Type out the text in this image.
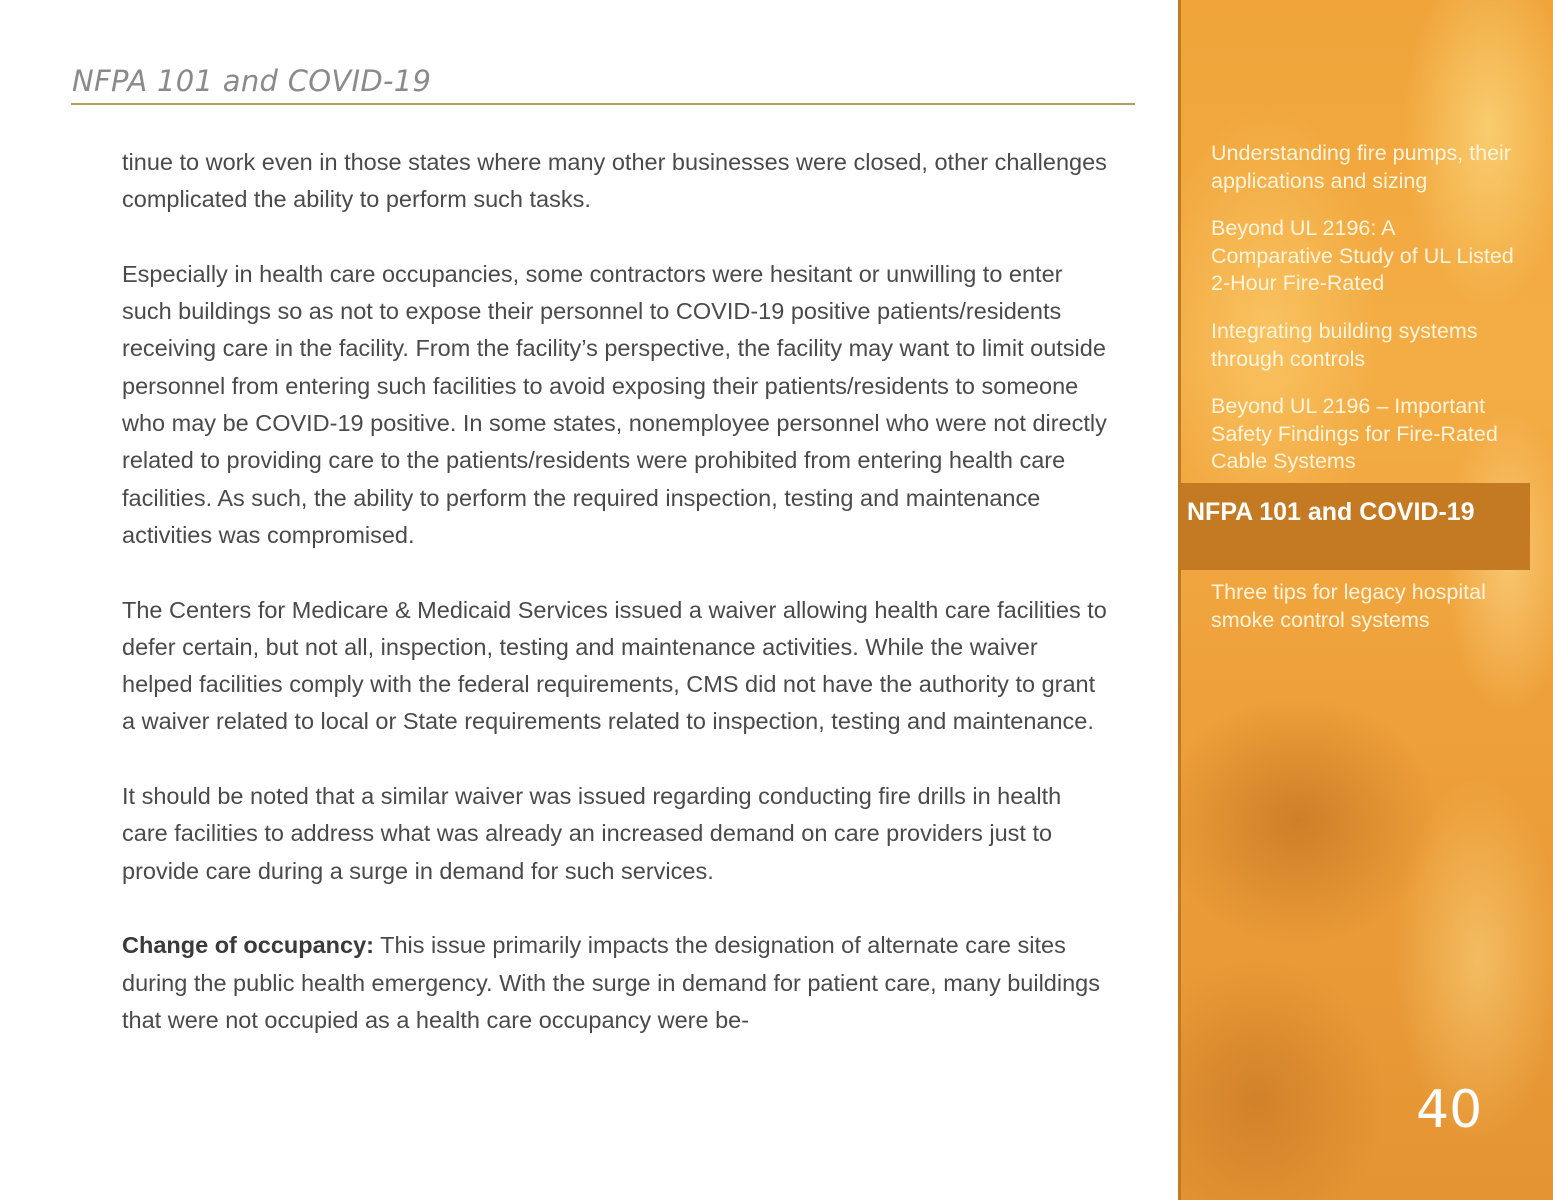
NFPA 101 and COVID-19

tinue to work even in those states where many other businesses were closed, other challenges complicated the ability to perform such tasks.

Especially in health care occupancies, some contractors were hesitant or unwilling to enter such buildings so as not to expose their personnel to COVID-19 positive patients/residents receiving care in the facility. From the facility’s perspective, the facility may want to limit outside personnel from entering such facilities to avoid exposing their patients/residents to someone who may be COVID-19 positive. In some states, nonemployee personnel who were not directly related to providing care to the patients/residents were prohibited from entering health care facilities. As such, the ability to perform the required inspection, testing and maintenance activities was compromised.

The Centers for Medicare & Medicaid Services issued a waiver allowing health care facilities to defer certain, but not all, inspection, testing and maintenance activities. While the waiver helped facilities comply with the federal requirements, CMS did not have the authority to grant a waiver related to local or State requirements related to inspection, testing and maintenance.

It should be noted that a similar waiver was issued regarding conducting fire drills in health care facilities to address what was already an increased demand on care providers just to provide care during a surge in demand for such services.

Change of occupancy: This issue primarily impacts the designation of alternate care sites during the public health emergency. With the surge in demand for patient care, many buildings that were not occupied as a health care occupancy were be-

Understanding fire pumps, their applications and sizing
Beyond UL 2196: A Comparative Study of UL Listed 2-Hour Fire-Rated
Integrating building systems through controls
Beyond UL 2196 – Important Safety Findings for Fire-Rated Cable Systems
NFPA 101 and COVID-19
Three tips for legacy hospital smoke control systems
40
